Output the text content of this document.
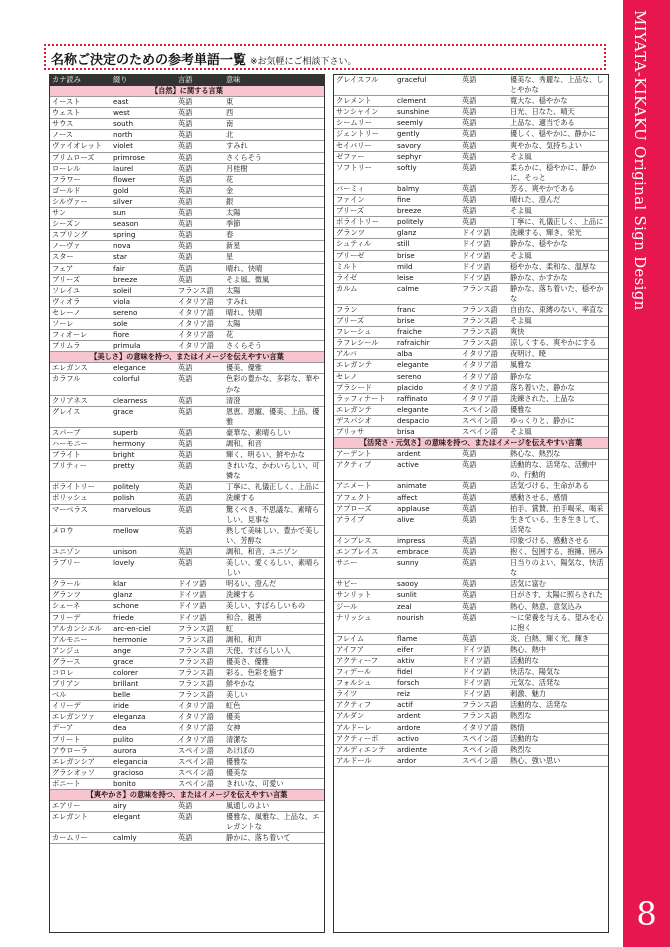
名称ご決定のための参考単語一覧 ※お気軽にご相談下さい。	MIYATA-KIKAKU Original Sign Design
8
カナ読み	綴り	言語	意味
【自然】に関する言葉			
イースト	east	英語	東
ウェスト	west	英語	西
サウス	south	英語	南
ノース	north	英語	北
ヴァイオレット	violet	英語	すみれ
プリムローズ	primrose	英語	さくらそう
ローレル	laurel	英語	月桂樹
フラワー	flower	英語	花
ゴールド	gold	英語	金
シルヴァー	silver	英語	銀
サン	sun	英語	太陽
シーズン	season	英語	季節
スプリング	spring	英語	春
ノーヴァ	nova	英語	新星
スター	star	英語	星
フェア	fair	英語	晴れ、快晴
ブリーズ	breeze	英語	そよ風、微風
ソレイユ	soleil	フランス語	太陽
ヴィオラ	viola	イタリア語	すみれ
セレーノ	sereno	イタリア語	晴れ、快晴
ソーレ	sole	イタリア語	太陽
フィオーレ	fiore	イタリア語	花
プリムラ	primula	イタリア語	さくらそう
【美しさ】の意味を持つ、またはイメージを伝えやすい言葉			
エレガンス	elegance	英語	優美、優雅
カラフル	colorful	英語	色彩の豊かな、多彩な、華やかな
クリアネス	clearness	英語	清澄
グレイス	grace	英語	恩恵、恩寵、優美、上品、優雅
スパーブ	superb	英語	豪華な、素晴らしい
ハーモニー	hermony	英語	調和、和音
ブライト	bright	英語	輝く、明るい、鮮やかな
プリティー	pretty	英語	きれいな、かわいらしい、可憐な
ポライトリー	politely	英語	丁寧に、礼儀正しく、上品に
ポリッシュ	polish	英語	洗練する
マーベラス	marvelous	英語	驚くべき、不思議な、素晴らしい、見事な
メロウ	mellow	英語	熟して美味しい、豊かで美しい、芳醇な
ユニゾン	unison	英語	調和、和音、ユニゾン
ラブリー	lovely	英語	美しい、愛くるしい、素晴らしい
クラール	klar	ドイツ語	明るい、澄んだ
グランツ	glanz	ドイツ語	洗練する
シェーネ	schone	ドイツ語	美しい、すばらしいもの
フリーデ	friede	ドイツ語	和合、親善
アルカンシエル	arc-en-ciel	フランス語	虹
アルモニー	hermonie	フランス語	調和、和声
アンジュ	ange	フランス語	天使、すばらしい人
グラース	grace	フランス語	優美さ、優雅
コロレ	colorer	フランス語	彩る、色彩を施す
ブリアン	brillant	フランス語	鮮やかな
ベル	belle	フランス語	美しい
イリーデ	iride	イタリア語	虹色
エレガンツァ	eleganza	イタリア語	優美
デーア	dea	イタリア語	女神
プリート	pulito	イタリア語	清潔な
アウローラ	aurora	スペイン語	あけぼの
エレガンシア	elegancia	スペイン語	優雅な
グラシオッソ	gracioso	スペイン語	優美な
ボニート	bonito	スペイン語	きれいな、可愛い
【爽やかさ】の意味を持つ、またはイメージを伝えやすい言葉			
エアリー	airy	英語	風通しのよい
エレガント	elegant	英語	優雅な、風雅な、上品な、エレガントな
カームリー	calmly	英語	静かに、落ち着いて
グレイスフル	graceful	英語	優美な、秀麗な、上品な、しとやかな
クレメント	clement	英語	寛大な、穏やかな
サンシャイン	sunshine	英語	日光、日なた、晴天
シームリー	seemly	英語	上品な、適当である
ジェントリー	gently	英語	優しく、穏やかに、静かに
セイバリー	savory	英語	爽やかな、気持ちよい
ゼファー	sephyr	英語	そよ風
ソフトリー	softly	英語	柔らかに、穏やかに、静かに、そっと
バーミィ	balmy	英語	芳る、爽やかである
ファイン	fine	英語	晴れた、澄んだ
ブリーズ	breeze	英語	そよ風
ポライトリー	politely	英語	丁寧に、礼儀正しく、上品に
グランツ	glanz	ドイツ語	洗練する、輝き、栄光
シュティル	still	ドイツ語	静かな、穏やかな
ブリーゼ	brise	ドイツ語	そよ風
ミルト	mild	ドイツ語	穏やかな、柔和な、温厚な
ライゼ	leise	ドイツ語	静かな、かすかな
カルム	calme	フランス語	静かな、落ち着いた、穏やかな
フラン	franc	フランス語	自由な、束縛のない、率直な
ブリーズ	brise	フランス語	そよ風
フレーシュ	fraiche	フランス語	爽快
ラフレシール	rafraichir	フランス語	涼しくする、爽やかにする
アルバ	alba	イタリア語	夜明け、暁
エレガンテ	elegante	イタリア語	風雅な
セレノ	sereno	イタリア語	静かな
プラシード	placido	イタリア語	落ち着いた、静かな
ラッフィナート	raffinato	イタリア語	洗練された、上品な
エレガンテ	elegante	スペイン語	優雅な
デスパシオ	despacio	スペイン語	ゆっくりと、静かに
ブリッサ	brisa	スペイン語	そよ風
【活発さ・元気さ】の意味を持つ、またはイメージを伝えやすい言葉			
アーデント	ardent	英語	熱心な、熱烈な
アクティブ	active	英語	活動的な、活発な、活動中の、行動的
アニメート	animate	英語	活気づける、生命がある
アフェクト	affect	英語	感動させる、感情
アプローズ	applause	英語	拍手、賞賛、拍手喝采、喝采
アライブ	alive	英語	生きている、生き生きして、活発な
インプレス	impress	英語	印象づける、感動させる
エンブレイス	embrace	英語	抱く、包囲する、抱擁、囲み
サニー	sunny	英語	日当りのよい、陽気な、快活な
サビー	saooy	英語	活気に富む
サンリット	sunlit	英語	日がさす、太陽に照らされた
ジール	zeal	英語	熱心、熱意、意気込み
ナリッシュ	nourish	英語	〜に栄養を与える、望みを心に抱く
フレイム	flame	英語	炎、白熱、輝く光、輝き
アイフア	eifer	ドイツ語	熱心、熱中
アクティーフ	aktiv	ドイツ語	活動的な
フィデール	fidel	ドイツ語	快活な、陽気な
フォルシュ	forsch	ドイツ語	元気な、活発な
ライツ	reiz	ドイツ語	刺激、魅力
アクティフ	actif	フランス語	活動的な、活発な
アルダン	ardent	フランス語	熱烈な
アルドーレ	ardore	イタリア語	熱情
アクティーボ	activo	スペイン語	活動的な
アルディエンテ	ardiente	スペイン語	熱烈な
アルドール	ardor	スペイン語	熱心、強い思い
